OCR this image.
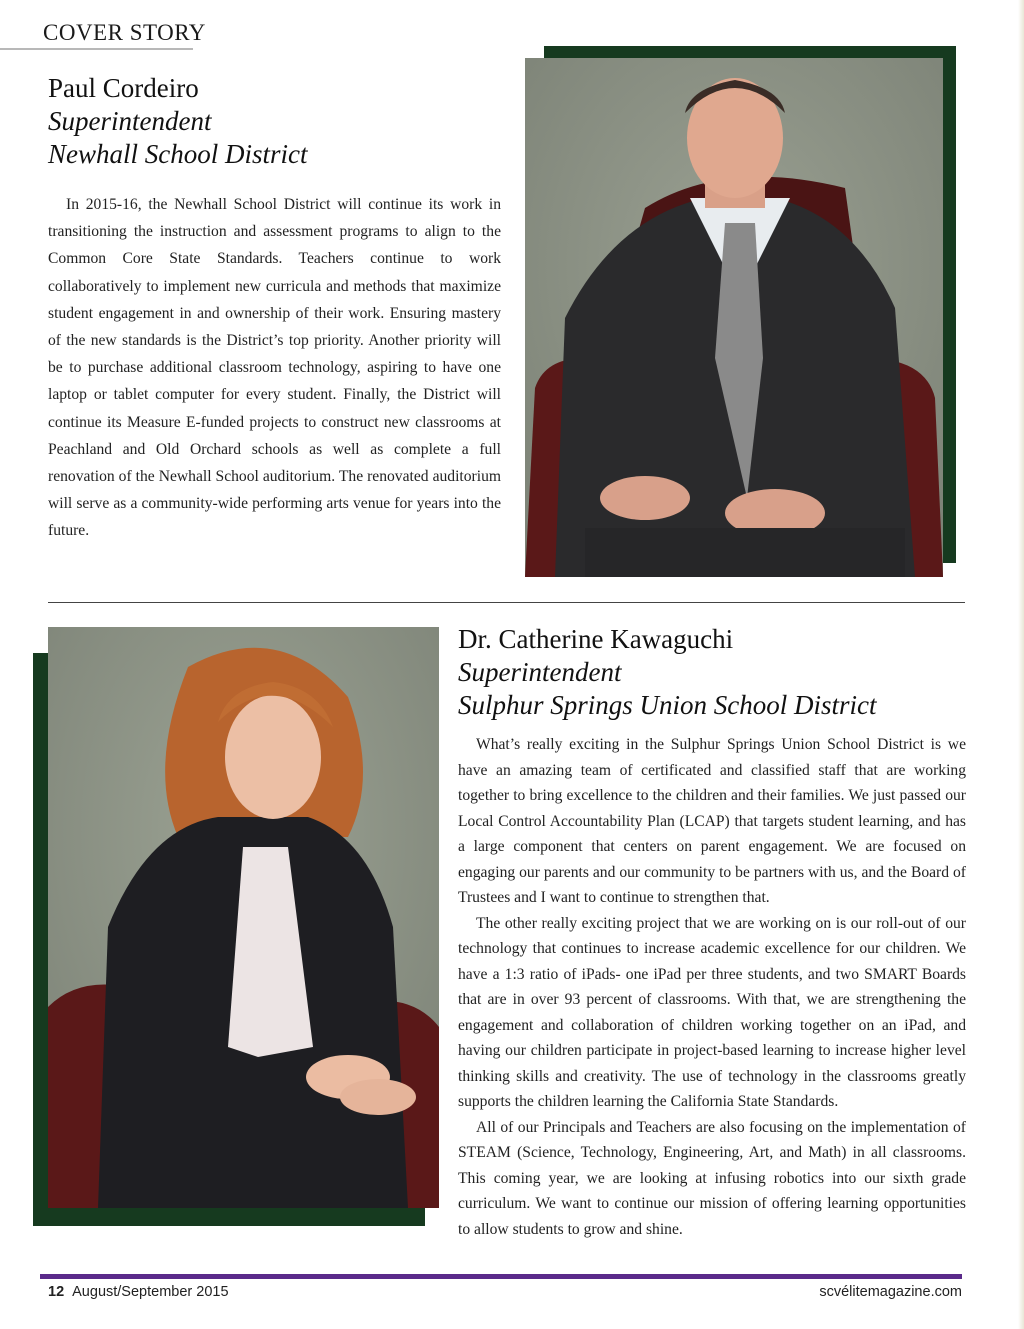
COVER STORY
Paul Cordeiro
Superintendent
Newhall School District

In 2015-16, the Newhall School District will continue its work in transitioning the instruction and assessment programs to align to the Common Core State Standards. Teachers continue to work collaboratively to implement new curricula and methods that maximize student engagement in and ownership of their work. Ensuring mastery of the new standards is the District’s top priority. Another priority will be to purchase additional classroom technology, aspiring to have one laptop or tablet computer for every student. Finally, the District will continue its Measure E-funded projects to construct new classrooms at Peachland and Old Orchard schools as well as complete a full renovation of the Newhall School auditorium. The renovated auditorium will serve as a community-wide performing arts venue for years into the future.

Dr. Catherine Kawaguchi
Superintendent
Sulphur Springs Union School District

What’s really exciting in the Sulphur Springs Union School District is we have an amazing team of certificated and classified staff that are working together to bring excellence to the children and their families. We just passed our Local Control Accountability Plan (LCAP) that targets student learning, and has a large component that centers on parent engagement. We are focused on engaging our parents and our community to be partners with us, and the Board of Trustees and I want to continue to strengthen that.

The other really exciting project that we are working on is our roll-out of our technology that continues to increase academic excellence for our children. We have a 1:3 ratio of iPads- one iPad per three students, and two SMART Boards that are in over 93 percent of classrooms. With that, we are strengthening the engagement and collaboration of children working together on an iPad, and having our children participate in project-based learning to increase higher level thinking skills and creativity. The use of technology in the classrooms greatly supports the children learning the California State Standards.

All of our Principals and Teachers are also focusing on the implementation of STEAM (Science, Technology, Engineering, Art, and Math) in all classrooms. This coming year, we are looking at infusing robotics into our sixth grade curriculum. We want to continue our mission of offering learning opportunities to allow students to grow and shine.

12 August/September 2015	scvélitemagazine.com
